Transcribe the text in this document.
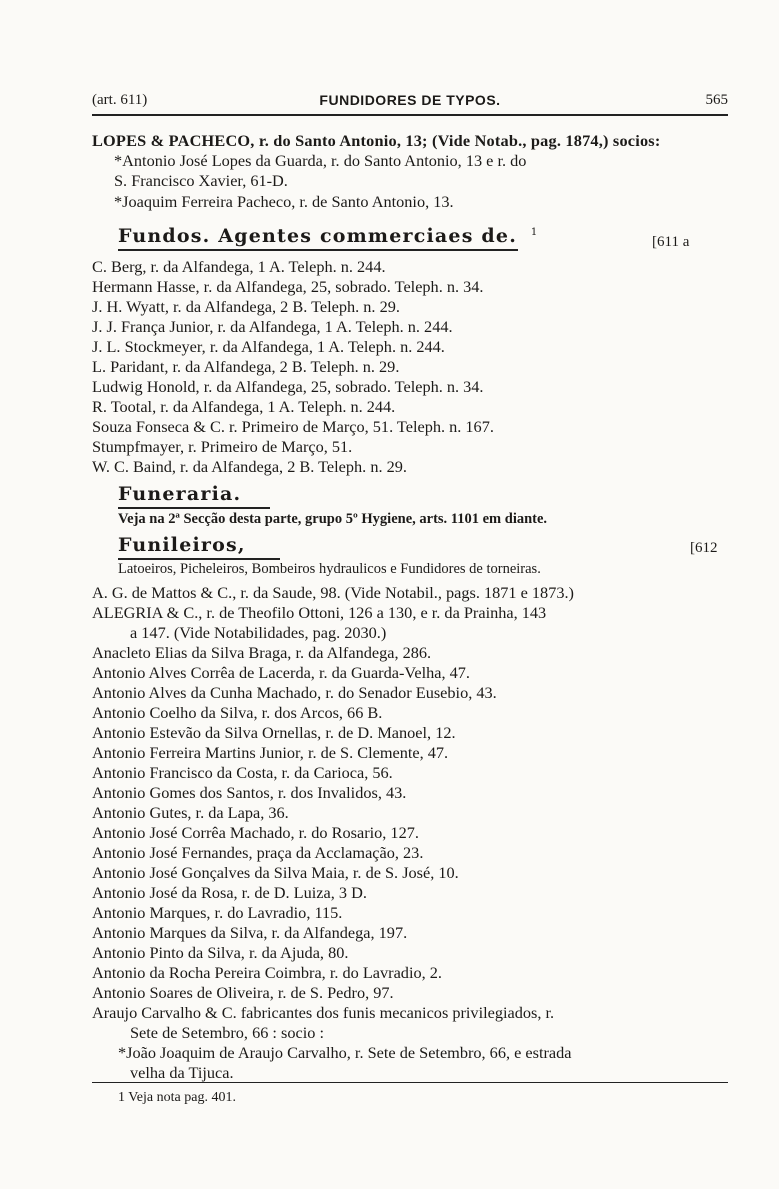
(art. 611)	FUNDIDORES DE TYPOS.	565
LOPES & PACHECO, r. do Santo Antonio, 13; (Vide Notab., pag. 1874,) socios:
*Antonio José Lopes da Guarda, r. do Santo Antonio, 13 e r. do
S. Francisco Xavier, 61-D.
*Joaquim Ferreira Pacheco, r. de Santo Antonio, 13.
Fundos. Agentes commerciaes de. $^1$
[611 a
C. Berg, r. da Alfandega, 1 A. Teleph. n. 244.
Hermann Hasse, r. da Alfandega, 25, sobrado. Teleph. n. 34.
J. H. Wyatt, r. da Alfandega, 2 B. Teleph. n. 29.
J. J. França Junior, r. da Alfandega, 1 A. Teleph. n. 244.
J. L. Stockmeyer, r. da Alfandega, 1 A. Teleph. n. 244.
L. Paridant, r. da Alfandega, 2 B. Teleph. n. 29.
Ludwig Honold, r. da Alfandega, 25, sobrado. Teleph. n. 34.
R. Tootal, r. da Alfandega, 1 A. Teleph. n. 244.
Souza Fonseca & C. r. Primeiro de Março, 51. Teleph. n. 167.
Stumpfmayer, r. Primeiro de Março, 51.
W. C. Baind, r. da Alfandega, 2 B. Teleph. n. 29.
Funeraria.
Veja na 2ª Secção desta parte, grupo 5º Hygiene, arts. 1101 em diante.
Funileiros,	[612
Latoeiros, Picheleiros, Bombeiros hydraulicos e Fundidores de torneiras.
A. G. de Mattos & C., r. da Saude, 98. (Vide Notabil., pags. 1871 e 1873.)
ALEGRIA & C., r. de Theofilo Ottoni, 126 a 130, e r. da Prainha, 143
a 147. (Vide Notabilidades, pag. 2030.)
Anacleto Elias da Silva Braga, r. da Alfandega, 286.
Antonio Alves Corrêa de Lacerda, r. da Guarda-Velha, 47.
Antonio Alves da Cunha Machado, r. do Senador Eusebio, 43.
Antonio Coelho da Silva, r. dos Arcos, 66 B.
Antonio Estevão da Silva Ornellas, r. de D. Manoel, 12.
Antonio Ferreira Martins Junior, r. de S. Clemente, 47.
Antonio Francisco da Costa, r. da Carioca, 56.
Antonio Gomes dos Santos, r. dos Invalidos, 43.
Antonio Gutes, r. da Lapa, 36.
Antonio José Corrêa Machado, r. do Rosario, 127.
Antonio José Fernandes, praça da Acclamação, 23.
Antonio José Gonçalves da Silva Maia, r. de S. José, 10.
Antonio José da Rosa, r. de D. Luiza, 3 D.
Antonio Marques, r. do Lavradio, 115.
Antonio Marques da Silva, r. da Alfandega, 197.
Antonio Pinto da Silva, r. da Ajuda, 80.
Antonio da Rocha Pereira Coimbra, r. do Lavradio, 2.
Antonio Soares de Oliveira, r. de S. Pedro, 97.
Araujo Carvalho & C. fabricantes dos funis mecanicos privilegiados, r.
Sete de Setembro, 66 : socio :
*João Joaquim de Araujo Carvalho, r. Sete de Setembro, 66, e estrada
velha da Tijuca.
1 Veja nota pag. 401.
